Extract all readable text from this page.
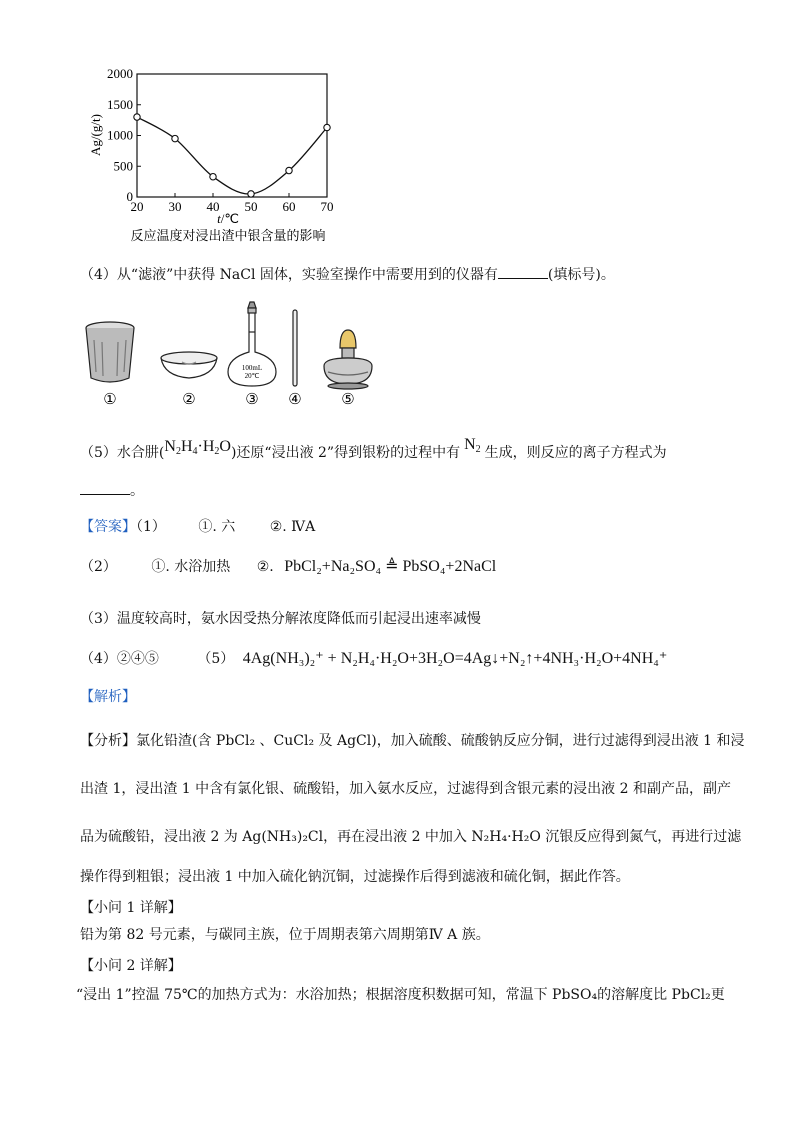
0
500
1000
1500
2000
20 30 40 50 60 70
Ag/(g/t)
t/℃
反应温度对浸出渣中银含量的影响
（4）从“滤液”中获得 NaCl 固体，实验室操作中需要用到的仪器有	(填标号)。
100mL
20℃
①	②	③ ④	⑤
（5）水合肼$(N_2H_4\cdot H_2O)$还原“浸出液 2”得到银粉的过程中有 $N_2$ 生成，则反应的离子方程式为
。
【答案】（1） ①. 六 ②. ⅣA
（2） ①. 水浴加热 ②. PbCl₂+Na₂SO₄ ≜ PbSO₄+2NaCl
（3）温度较高时，氨水因受热分解浓度降低而引起浸出速率减慢
（4）②④⑤	（5） 4Ag(NH₃)₂⁺ + N₂H₄·H₂O+3H₂O=4Ag↓+N₂↑+4NH₃·H₂O+4NH₄⁺
【解析】
【分析】氯化铅渣(含 PbCl₂ 、CuCl₂ 及 AgCl)，加入硫酸、硫酸钠反应分铜，进行过滤得到浸出液 1 和浸
出渣 1，浸出渣 1 中含有氯化银、硫酸铅，加入氨水反应，过滤得到含银元素的浸出液 2 和副产品，副产
品为硫酸铅，浸出液 2 为 Ag(NH₃)₂Cl，再在浸出液 2 中加入 N₂H₄·H₂O 沉银反应得到氮气，再进行过滤
操作得到粗银；浸出液 1 中加入硫化钠沉铜，过滤操作后得到滤液和硫化铜，据此作答。
【小问 1 详解】
铅为第 82 号元素，与碳同主族，位于周期表第六周期第Ⅳ A 族。
【小问 2 详解】
“浸出 1”控温 75℃的加热方式为：水浴加热；根据溶度积数据可知，常温下 PbSO₄的溶解度比 PbCl₂更
